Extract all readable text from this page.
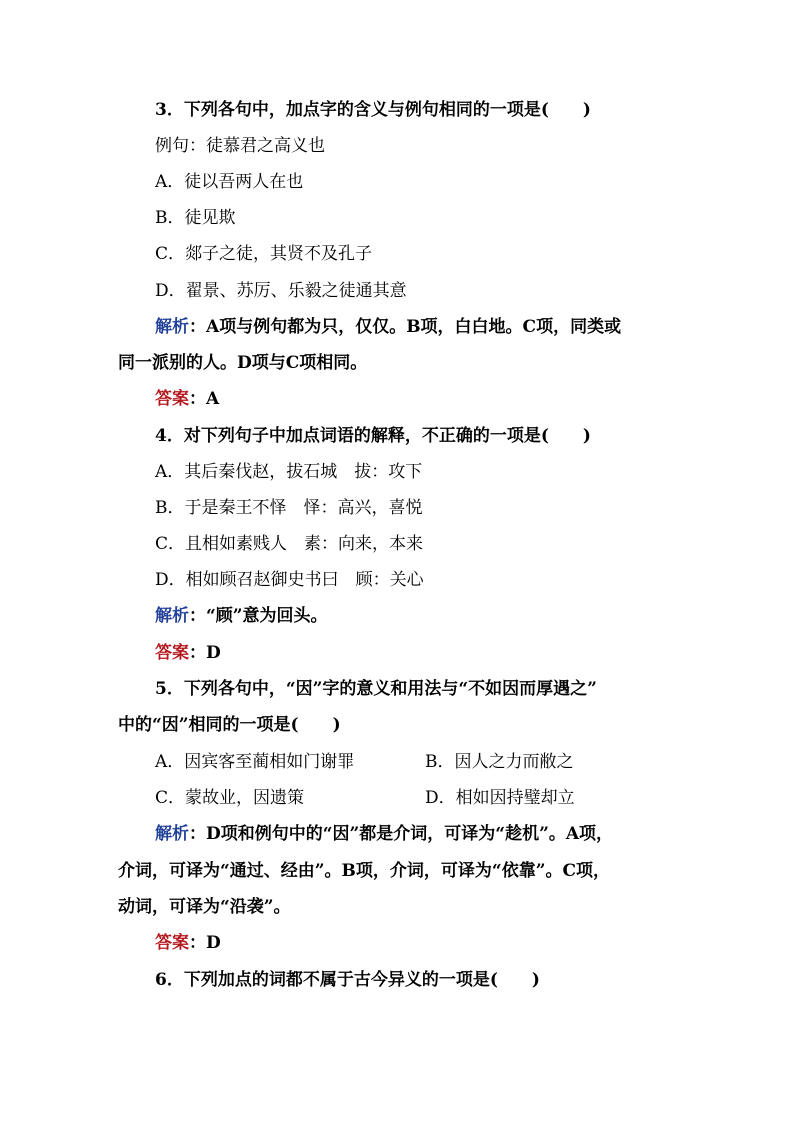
3．下列各句中，加点字的含义与例句相同的一项是(　　)
例句：徒慕君之高义也
A．徒以吾两人在也
B．徒见欺
C．郯子之徒，其贤不及孔子
D．翟景、苏厉、乐毅之徒通其意
解析：A项与例句都为只，仅仅。B项，白白地。C项，同类或
同一派别的人。D项与C项相同。
答案：A
4．对下列句子中加点词语的解释，不正确的一项是(　　)
A．其后秦伐赵，拔石城　拔：攻下
B．于是秦王不怿　怿：高兴，喜悦
C．且相如素贱人　素：向来，本来
D．相如顾召赵御史书曰　顾：关心
解析：“顾”意为回头。
答案：D
5．下列各句中，“因”字的意义和用法与“不如因而厚遇之”
中的“因”相同的一项是(　　)
A．因宾客至蔺相如门谢罪	B．因人之力而敝之
C．蒙故业，因遗策	D．相如因持璧却立
解析：D项和例句中的“因”都是介词，可译为“趁机”。A项，
介词，可译为“通过、经由”。B项，介词，可译为“依靠”。C项，
动词，可译为“沿袭”。
答案：D
6．下列加点的词都不属于古今异义的一项是(　　)
